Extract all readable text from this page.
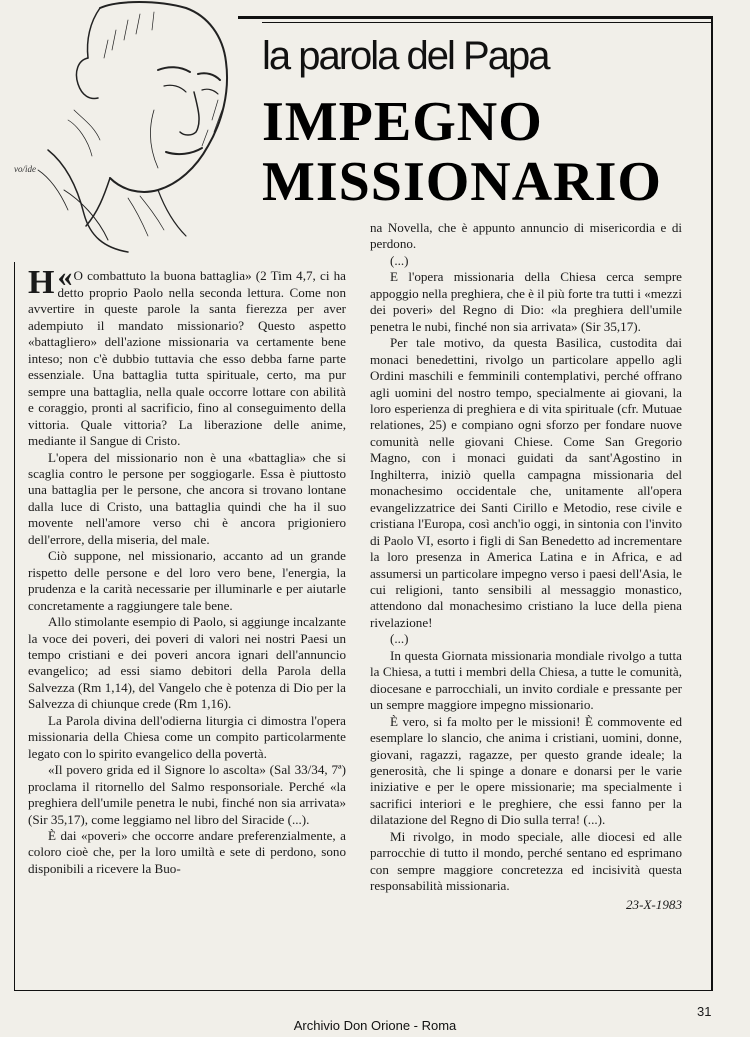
vo/ide
la parola del Papa
IMPEGNO
MISSIONARIO

«
H O combattuto la buona battaglia» (2 Tim 4,7, ci ha detto proprio Paolo nella seconda lettura. Come non avvertire in queste parole la santa fierezza per aver adempiuto il mandato missionario? Questo aspetto «battagliero» dell'azione missionaria va certamente bene inteso; non c'è dubbio tuttavia che esso debba farne parte essenziale. Una battaglia tutta spirituale, certo, ma pur sempre una battaglia, nella quale occorre lottare con abilità e coraggio, pronti al sacrificio, fino al conseguimento della vittoria. Quale vittoria? La liberazione delle anime, mediante il Sangue di Cristo.

L'opera del missionario non è una «battaglia» che si scaglia contro le persone per soggiogarle. Essa è piuttosto una battaglia per le persone, che ancora si trovano lontane dalla luce di Cristo, una battaglia quindi che ha il suo movente nell'amore verso chi è ancora prigioniero dell'errore, della miseria, del male.

Ciò suppone, nel missionario, accanto ad un grande rispetto delle persone e del loro vero bene, l'energia, la prudenza e la carità necessarie per illuminarle e per aiutarle concretamente a raggiungere tale bene.

Allo stimolante esempio di Paolo, si aggiunge incalzante la voce dei poveri, dei poveri di valori nei nostri Paesi un tempo cristiani e dei poveri ancora ignari dell'annuncio evangelico; ad essi siamo debitori della Parola della Salvezza (Rm 1,14), del Vangelo che è potenza di Dio per la Salvezza di chiunque crede (Rm 1,16).

La Parola divina dell'odierna liturgia ci dimostra l'opera missionaria della Chiesa come un compito particolarmente legato con lo spirito evangelico della povertà.

«Il povero grida ed il Signore lo ascolta» (Sal 33/34, 7ª) proclama il ritornello del Salmo responsoriale. Perché «la preghiera dell'umile penetra le nubi, finché non sia arrivata» (Sir 35,17), come leggiamo nel libro del Siracide (...).

È dai «poveri» che occorre andare preferenzialmente, a coloro cioè che, per la loro umiltà e sete di perdono, sono disponibili a ricevere la Buo-

na Novella, che è appunto annuncio di misericordia e di perdono.

(...)

E l'opera missionaria della Chiesa cerca sempre appoggio nella preghiera, che è il più forte tra tutti i «mezzi dei poveri» del Regno di Dio: «la preghiera dell'umile penetra le nubi, finché non sia arrivata» (Sir 35,17).

Per tale motivo, da questa Basilica, custodita dai monaci benedettini, rivolgo un particolare appello agli Ordini maschili e femminili contemplativi, perché offrano agli uomini del nostro tempo, specialmente ai giovani, la loro esperienza di preghiera e di vita spirituale (cfr. Mutuae relationes, 25) e compiano ogni sforzo per fondare nuove comunità nelle giovani Chiese. Come San Gregorio Magno, con i monaci guidati da sant'Agostino in Inghilterra, iniziò quella campagna missionaria del monachesimo occidentale che, unitamente all'opera evangelizzatrice dei Santi Cirillo e Metodio, rese civile e cristiana l'Europa, così anch'io oggi, in sintonia con l'invito di Paolo VI, esorto i figli di San Benedetto ad incrementare la loro presenza in America Latina e in Africa, e ad assumersi un particolare impegno verso i paesi dell'Asia, le cui religioni, tanto sensibili al messaggio monastico, attendono dal monachesimo cristiano la luce della piena rivelazione!

(...)

In questa Giornata missionaria mondiale rivolgo a tutta la Chiesa, a tutti i membri della Chiesa, a tutte le comunità, diocesane e parrocchiali, un invito cordiale e pressante per un sempre maggiore impegno missionario.

È vero, si fa molto per le missioni! È commovente ed esemplare lo slancio, che anima i cristiani, uomini, donne, giovani, ragazzi, ragazze, per questo grande ideale; la generosità, che li spinge a donare e donarsi per le varie iniziative e per le opere missionarie; ma specialmente i sacrifici interiori e le preghiere, che essi fanno per la dilatazione del Regno di Dio sulla terra! (...).

Mi rivolgo, in modo speciale, alle diocesi ed alle parrocchie di tutto il mondo, perché sentano ed esprimano con sempre maggiore concretezza ed incisività questa responsabilità missionaria.

23-X-1983

31
Archivio Don Orione - Roma
